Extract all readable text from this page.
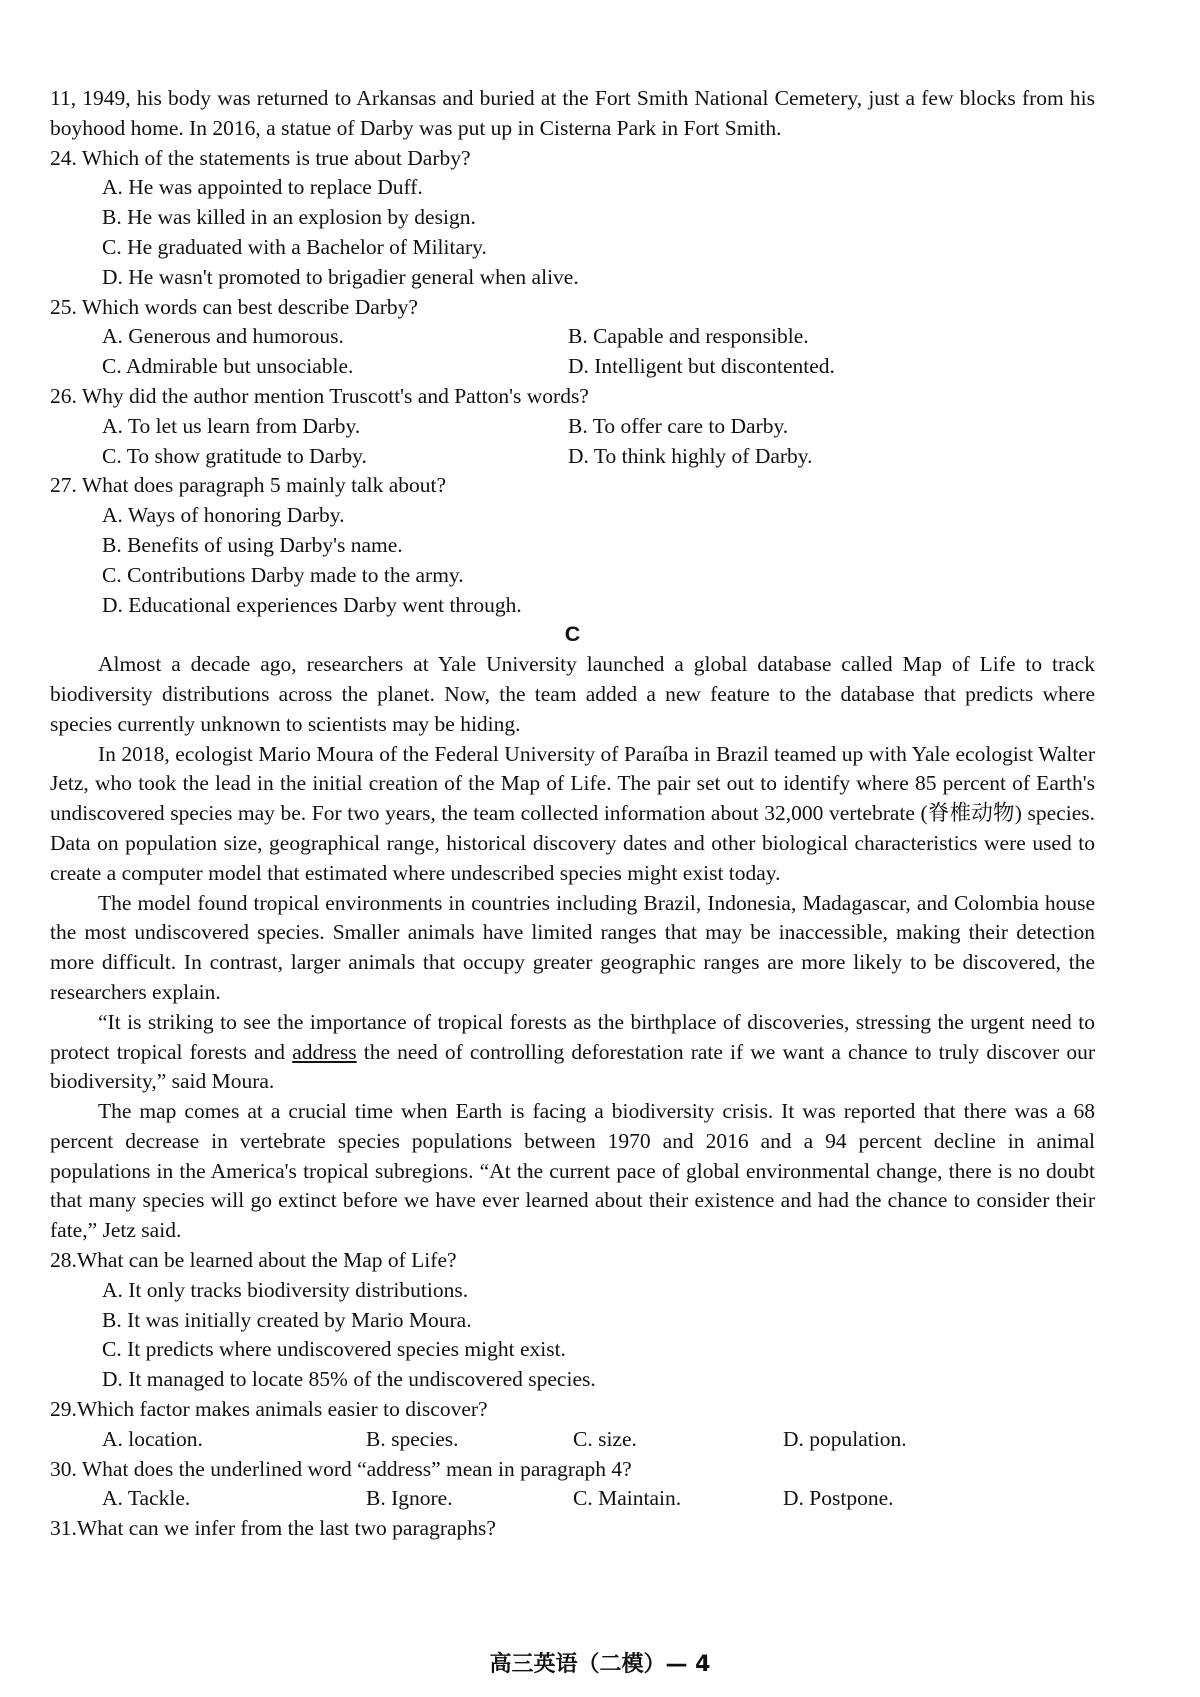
11, 1949, his body was returned to Arkansas and buried at the Fort Smith National Cemetery, just a few blocks from his boyhood home. In 2016, a statue of Darby was put up in Cisterna Park in Fort Smith.

24. Which of the statements is true about Darby?

A. He was appointed to replace Duff.

B. He was killed in an explosion by design.

C. He graduated with a Bachelor of Military.

D. He wasn't promoted to brigadier general when alive.

25. Which words can best describe Darby?

A. Generous and humorous.	B. Capable and responsible.
C. Admirable but unsociable.	D. Intelligent but discontented.

26. Why did the author mention Truscott's and Patton's words?

A. To let us learn from Darby.	B. To offer care to Darby.
C. To show gratitude to Darby.	D. To think highly of Darby.

27. What does paragraph 5 mainly talk about?

A. Ways of honoring Darby.

B. Benefits of using Darby's name.

C. Contributions Darby made to the army.

D. Educational experiences Darby went through.

C

Almost a decade ago, researchers at Yale University launched a global database called Map of Life to track biodiversity distributions across the planet. Now, the team added a new feature to the database that predicts where species currently unknown to scientists may be hiding.

In 2018, ecologist Mario Moura of the Federal University of Paraíba in Brazil teamed up with Yale ecologist Walter Jetz, who took the lead in the initial creation of the Map of Life. The pair set out to identify where 85 percent of Earth's undiscovered species may be. For two years, the team collected information about 32,000 vertebrate (脊椎动物) species. Data on population size, geographical range, historical discovery dates and other biological characteristics were used to create a computer model that estimated where undescribed species might exist today.

The model found tropical environments in countries including Brazil, Indonesia, Madagascar, and Colombia house the most undiscovered species. Smaller animals have limited ranges that may be inaccessible, making their detection more difficult. In contrast, larger animals that occupy greater geographic ranges are more likely to be discovered, the researchers explain.

“It is striking to see the importance of tropical forests as the birthplace of discoveries, stressing the urgent need to protect tropical forests and address the need of controlling deforestation rate if we want a chance to truly discover our biodiversity,” said Moura.

The map comes at a crucial time when Earth is facing a biodiversity crisis. It was reported that there was a 68 percent decrease in vertebrate species populations between 1970 and 2016 and a 94 percent decline in animal populations in the America's tropical subregions. “At the current pace of global environmental change, there is no doubt that many species will go extinct before we have ever learned about their existence and had the chance to consider their fate,” Jetz said.

28.What can be learned about the Map of Life?

A. It only tracks biodiversity distributions.

B. It was initially created by Mario Moura.

C. It predicts where undiscovered species might exist.

D. It managed to locate 85% of the undiscovered species.

29.Which factor makes animals easier to discover?

A. location.	B. species.	C. size.	D. population.

30. What does the underlined word “address” mean in paragraph 4?

A. Tackle.	B. Ignore.	C. Maintain.	D. Postpone.

31.What can we infer from the last two paragraphs?

高三英语（二模）— 4
